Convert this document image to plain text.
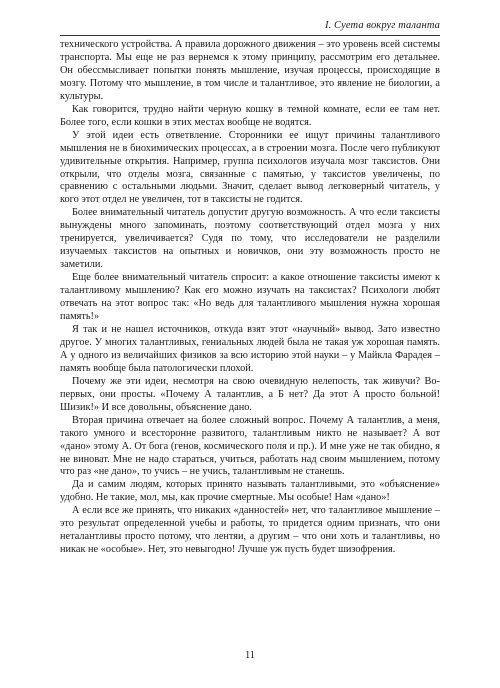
I. Суета вокруг таланта

технического устройства. А правила дорожного движения – это уровень всей системы транспорта. Мы еще не раз вернемся к этому принципу, рассмотрим его детальнее. Он обессмысливает попытки понять мышление, изучая процессы, происходящие в мозгу. Потому что мышление, в том числе и талантливое, это явление не биологии, а культуры.

Как говорится, трудно найти черную кошку в темной комнате, если ее там нет. Более того, если кошки в этих местах вообще не водятся.

У этой идеи есть ответвление. Сторонники ее ищут причины талантливого мышления не в биохимических процессах, а в строении мозга. После чего публикуют удивительные открытия. Например, группа психологов изучала мозг таксистов. Они открыли, что отделы мозга, связанные с памятью, у таксистов увеличены, по сравнению с остальными людьми. Значит, сделает вывод легковерный читатель, у кого этот отдел не увеличен, тот в таксисты не годится.

Более внимательный читатель допустит другую возможность. А что если таксисты вынуждены много запоминать, поэтому соответствующий отдел мозга у них тренируется, увеличивается? Судя по тому, что исследователи не разделили изучаемых таксистов на опытных и новичков, они эту возможность просто не заметили.

Еще более внимательный читатель спросит: а какое отношение таксисты имеют к талантливому мышлению? Как его можно изучать на таксистах? Психологи любят отвечать на этот вопрос так: «Но ведь для талантливого мышления нужна хорошая память!»

Я так и не нашел источников, откуда взят этот «научный» вывод. Зато известно другое. У многих талантливых, гениальных людей была не такая уж хорошая память. А у одного из величайших физиков за всю историю этой науки – у Майкла Фарадея – память вообще была патологически плохой.

Почему же эти идеи, несмотря на свою очевидную нелепость, так живучи? Во-первых, они просты. «Почему А талантлив, а Б нет? Да этот А просто больной! Шизик!» И все довольны, объяснение дано.

Вторая причина отвечает на более сложный вопрос. Почему А талантлив, а меня, такого умного и всесторонне развитого, талантливым никто не называет? А вот «дано» этому А. От бога (генов, космического поля и пр.). И мне уже не так обидно, я не виноват. Мне не надо стараться, учиться, работать над своим мышлением, потому что раз «не дано», то учись – не учись, талантливым не станешь.

Да и самим людям, которых принято называть талантливыми, это «объяснение» удобно. Не такие, мол, мы, как прочие смертные. Мы особые! Нам «дано»!

А если все же принять, что никаких «данностей» нет, что талантливое мышление – это результат определенной учебы и работы, то придется одним признать, что они неталантливы просто потому, что лентяи, а другим – что они хоть и талантливы, но никак не «особые». Нет, это невыгодно! Лучше уж пусть будет шизофрения.

11
